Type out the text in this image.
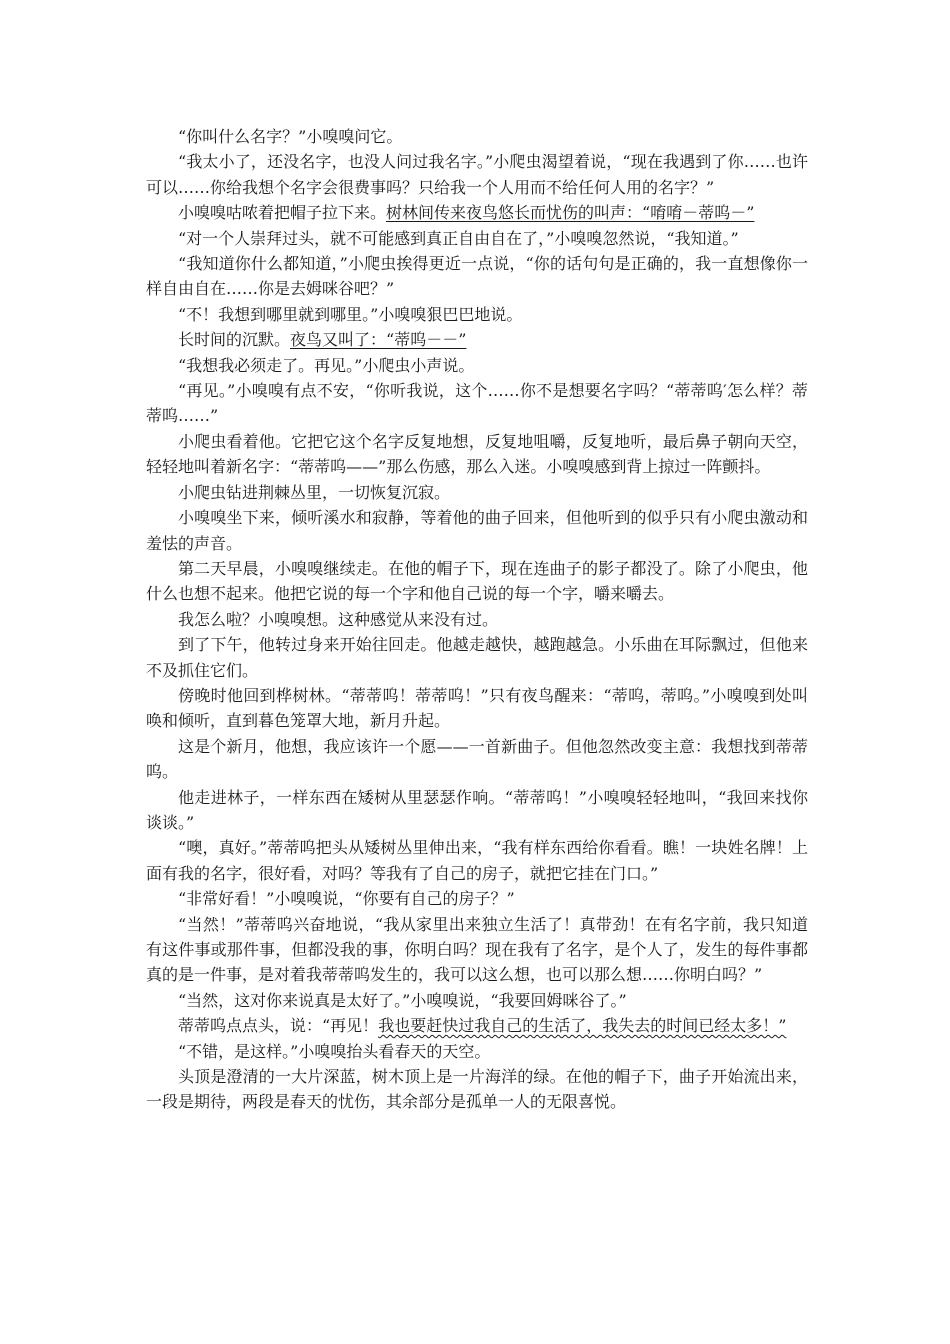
“你叫什么名字？”小嗅嗅问它。

“我太小了，还没名字，也没人问过我名字。”小爬虫渴望着说，“现在我遇到了你……也许可以……你给我想个名字会很费事吗？只给我一个人用而不给任何人用的名字？”

小嗅嗅咕哝着把帽子拉下来。树林间传来夜鸟悠长而忧伤的叫声：“唷唷－蒂呜－”

“对一个人崇拜过头，就不可能感到真正自由自在了，”小嗅嗅忽然说，“我知道。”

“我知道你什么都知道，”小爬虫挨得更近一点说，“你的话句句是正确的，我一直想像你一样自由自在……你是去姆咪谷吧？”

“不！我想到哪里就到哪里。”小嗅嗅狠巴巴地说。

长时间的沉默。夜鸟又叫了：“蒂呜－－”

“我想我必须走了。再见。”小爬虫小声说。

“再见。”小嗅嗅有点不安，“你听我说，这个……你不是想要名字吗？“蒂蒂呜′怎么样？蒂蒂呜……”

小爬虫看着他。它把它这个名字反复地想，反复地咀嚼，反复地听，最后鼻子朝向天空，轻轻地叫着新名字：“蒂蒂呜——”那么伤感，那么入迷。小嗅嗅感到背上掠过一阵颤抖。

小爬虫钻进荆棘丛里，一切恢复沉寂。

小嗅嗅坐下来，倾听溪水和寂静，等着他的曲子回来，但他听到的似乎只有小爬虫激动和羞怯的声音。

第二天早晨，小嗅嗅继续走。在他的帽子下，现在连曲子的影子都没了。除了小爬虫，他什么也想不起来。他把它说的每一个字和他自己说的每一个字，嚼来嚼去。

我怎么啦？小嗅嗅想。这种感觉从来没有过。

到了下午，他转过身来开始往回走。他越走越快，越跑越急。小乐曲在耳际飘过，但他来不及抓住它们。

傍晚时他回到桦树林。“蒂蒂呜！蒂蒂呜！”只有夜鸟醒来：“蒂呜，蒂呜。”小嗅嗅到处叫唤和倾听，直到暮色笼罩大地，新月升起。

这是个新月，他想，我应该许一个愿——一首新曲子。但他忽然改变主意：我想找到蒂蒂呜。

他走进林子，一样东西在矮树从里瑟瑟作响。“蒂蒂呜！”小嗅嗅轻轻地叫，“我回来找你谈谈。”

“噢，真好。”蒂蒂呜把头从矮树丛里伸出来，“我有样东西给你看看。瞧！一块姓名牌！上面有我的名字，很好看，对吗？等我有了自己的房子，就把它挂在门口。”

“非常好看！”小嗅嗅说，“你要有自己的房子？”

“当然！”蒂蒂呜兴奋地说，“我从家里出来独立生活了！真带劲！在有名字前，我只知道有这件事或那件事，但都没我的事，你明白吗？现在我有了名字，是个人了，发生的每件事都真的是一件事，是对着我蒂蒂呜发生的，我可以这么想，也可以那么想……你明白吗？”

“当然，这对你来说真是太好了。”小嗅嗅说，“我要回姆咪谷了。”

蒂蒂呜点点头，说：“再见！我也要赶快过我自己的生活了，我失去的时间已经太多！”

“不错，是这样。”小嗅嗅抬头看春天的天空。

头顶是澄清的一大片深蓝，树木顶上是一片海洋的绿。在他的帽子下，曲子开始流出来，一段是期待，两段是春天的忧伤，其余部分是孤单一人的无限喜悦。
